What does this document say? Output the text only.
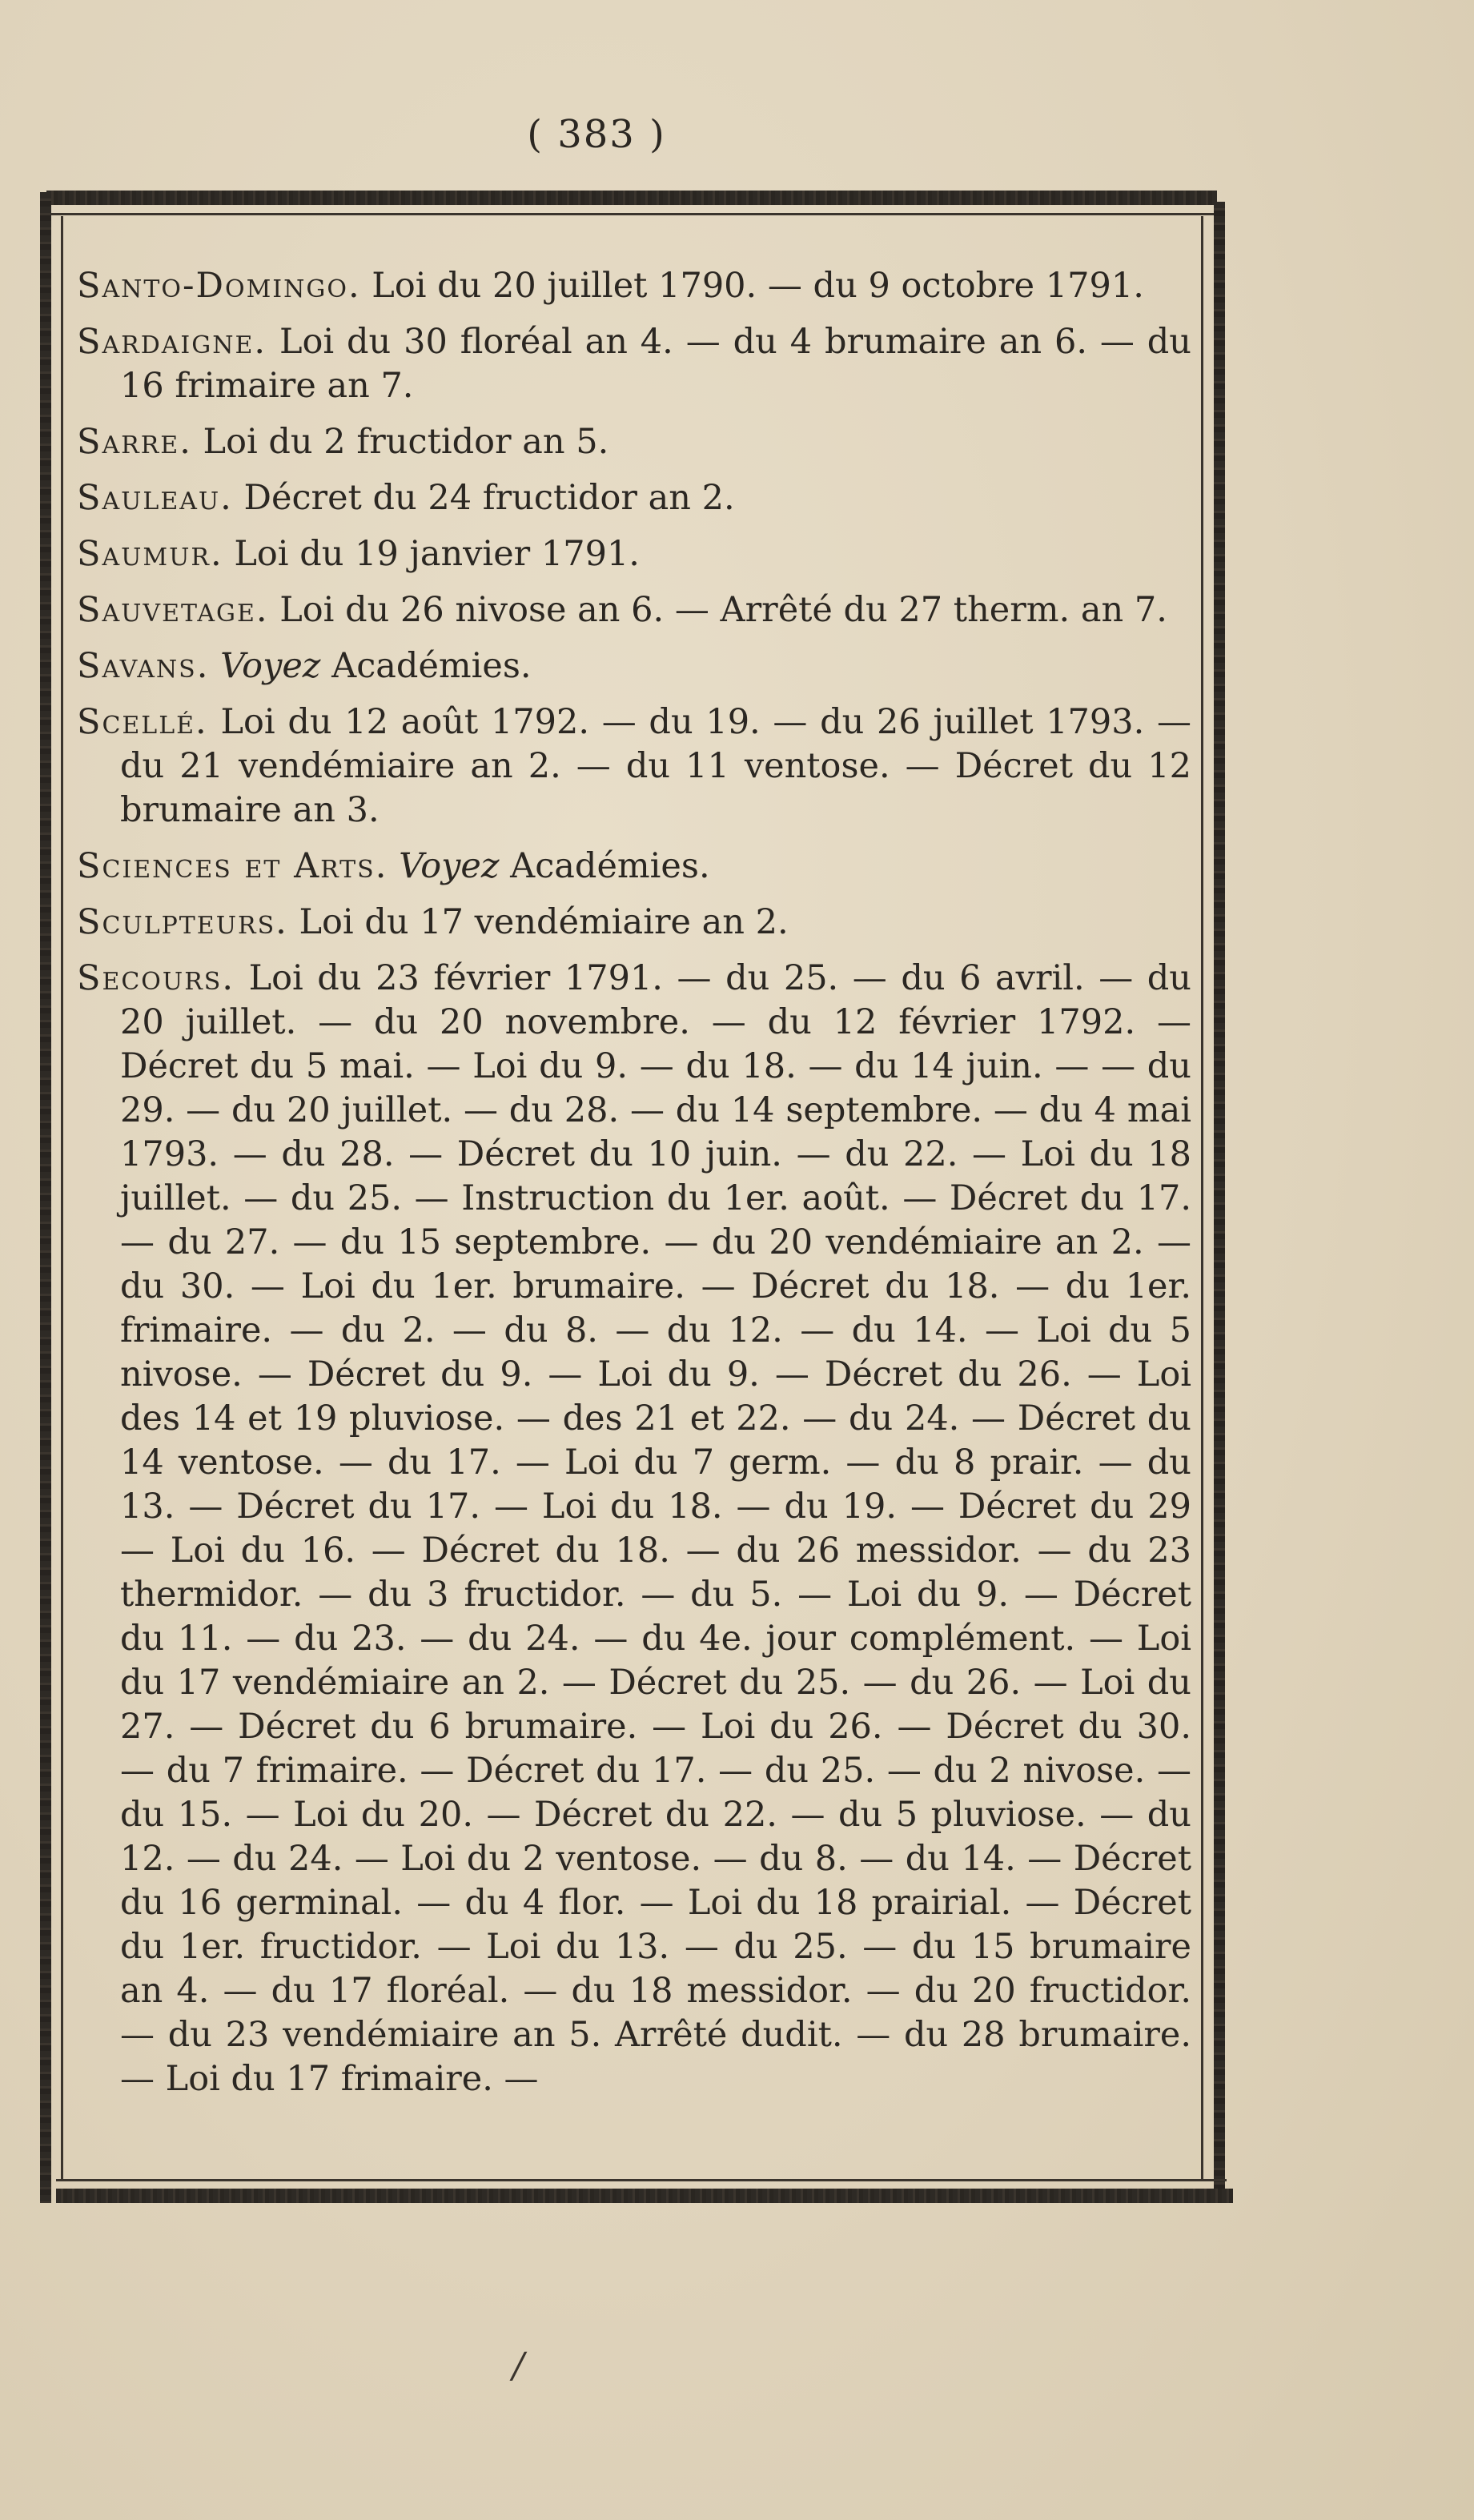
( 383 )

Santo-Domingo. Loi du 20 juillet 1790. — du 9 octobre 1791.

Sardaigne. Loi du 30 floréal an 4. — du 4 brumaire an 6. — du 16 frimaire an 7.

Sarre. Loi du 2 fructidor an 5.

Sauleau. Décret du 24 fructidor an 2.

Saumur. Loi du 19 janvier 1791.

Sauvetage. Loi du 26 nivose an 6. — Arrêté du 27 therm. an 7.

Savans. Voyez Académies.

Scellé. Loi du 12 août 1792. — du 19. — du 26 juillet 1793. — du 21 vendémiaire an 2. — du 11 ventose. — Décret du 12 brumaire an 3.

Sciences et Arts. Voyez Académies.

Sculpteurs. Loi du 17 vendémiaire an 2.

Secours. Loi du 23 février 1791. — du 25. — du 6 avril. — du 20 juillet. — du 20 novembre. — du 12 février 1792. — Décret du 5 mai. — Loi du 9. — du 18. — du 14 juin. — — du 29. — du 20 juillet. — du 28. — du 14 septembre. — du 4 mai 1793. — du 28. — Décret du 10 juin. — du 22. — Loi du 18 juillet. — du 25. — Instruction du 1er. août. — Décret du 17. — du 27. — du 15 septembre. — du 20 vendémiaire an 2. — du 30. — Loi du 1er. brumaire. — Décret du 18. — du 1er. frimaire. — du 2. — du 8. — du 12. — du 14. — Loi du 5 nivose. — Décret du 9. — Loi du 9. — Décret du 26. — Loi des 14 et 19 pluviose. — des 21 et 22. — du 24. — Décret du 14 ventose. — du 17. — Loi du 7 germ. — du 8 prair. — du 13. — Décret du 17. — Loi du 18. — du 19. — Décret du 29 — Loi du 16. — Décret du 18. — du 26 messidor. — du 23 thermidor. — du 3 fructidor. — du 5. — Loi du 9. — Décret du 11. — du 23. — du 24. — du 4e. jour complément. — Loi du 17 vendémiaire an 2. — Décret du 25. — du 26. — Loi du 27. — Décret du 6 brumaire. — Loi du 26. — Décret du 30. — du 7 frimaire. — Décret du 17. — du 25. — du 2 nivose. — du 15. — Loi du 20. — Décret du 22. — du 5 pluviose. — du 12. — du 24. — Loi du 2 ventose. — du 8. — du 14. — Décret du 16 germinal. — du 4 flor. — Loi du 18 prairial. — Décret du 1er. fructidor. — Loi du 13. — du 25. — du 15 brumaire an 4. — du 17 floréal. — du 18 messidor. — du 20 fructidor. — du 23 vendémiaire an 5. Arrêté dudit. — du 28 brumaire. — Loi du 17 frimaire. —

/
